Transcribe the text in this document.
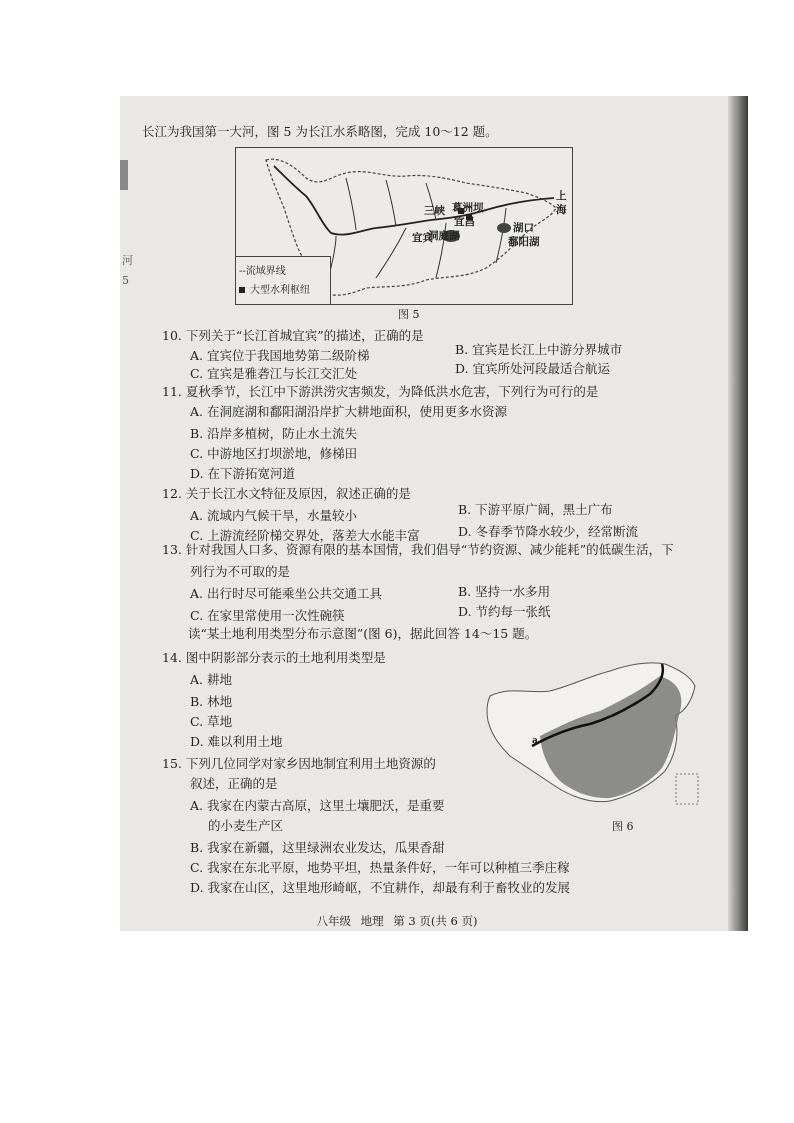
河
5
长江为我国第一大河，图 5 为长江水系略图，完成 10～12 题。
宜宾
三峡 葛洲坝
宜昌
洞庭湖
湖口
鄱阳湖
上
海
--流域界线
大型水利枢纽
图 5
10. 下列关于“长江首城宜宾”的描述，正确的是
A. 宜宾位于我国地势第二级阶梯	B. 宜宾是长江上中游分界城市
C. 宜宾是雅砻江与长江交汇处	D. 宜宾所处河段最适合航运
11. 夏秋季节，长江中下游洪涝灾害频发，为降低洪水危害，下列行为可行的是
A. 在洞庭湖和鄱阳湖沿岸扩大耕地面积，使用更多水资源
B. 沿岸多植树，防止水土流失
C. 中游地区打坝淤地，修梯田
D. 在下游拓宽河道
12. 关于长江水文特征及原因，叙述正确的是
A. 流域内气候干旱，水量较小	B. 下游平原广阔，黑土广布
C. 上游流经阶梯交界处，落差大水能丰富	D. 冬春季节降水较少，经常断流
13. 针对我国人口多、资源有限的基本国情，我们倡导“节约资源、减少能耗”的低碳生活，下
列行为不可取的是
A. 出行时尽可能乘坐公共交通工具	B. 坚持一水多用
C. 在家里常使用一次性碗筷	D. 节约每一张纸
读“某土地利用类型分布示意图”(图 6)，据此回答 14～15 题。
14. 图中阴影部分表示的土地利用类型是
A. 耕地
B. 林地
C. 草地
D. 难以利用土地
15. 下列几位同学对家乡因地制宜利用土地资源的
叙述，正确的是
A. 我家在内蒙古高原，这里土壤肥沃，是重要
的小麦生产区
B. 我家在新疆，这里绿洲农业发达，瓜果香甜
C. 我家在东北平原，地势平坦，热量条件好，一年可以种植三季庄稼
D. 我家在山区，这里地形崎岖，不宜耕作，却最有利于畜牧业的发展
a
图 6
八年级 地理 第 3 页(共 6 页)
